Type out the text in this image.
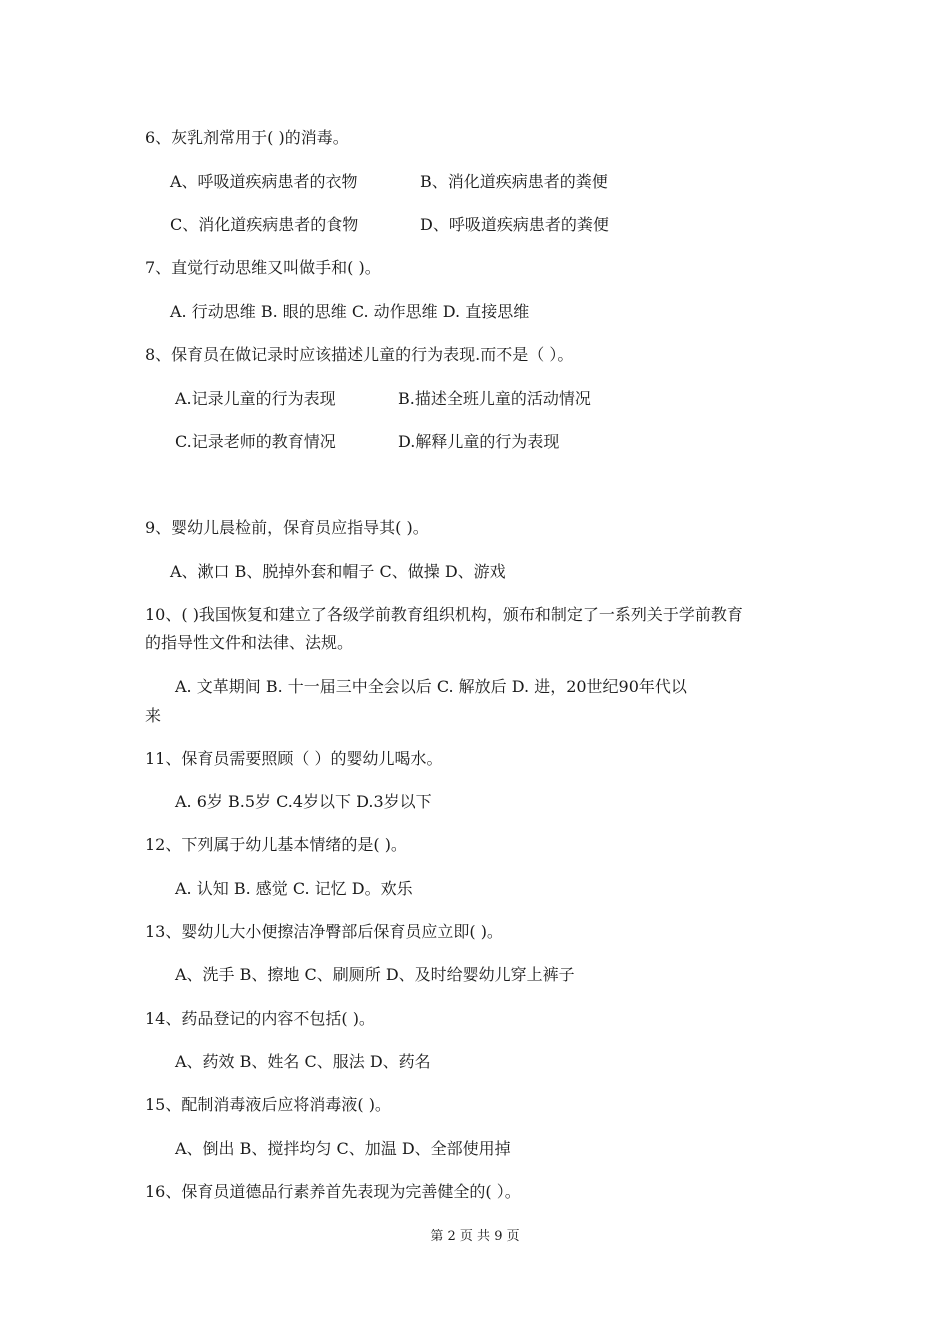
6、灰乳剂常用于( )的消毒。
A、呼吸道疾病患者的衣物	B、消化道疾病患者的粪便
C、消化道疾病患者的食物	D、呼吸道疾病患者的粪便
7、直觉行动思维又叫做手和( )。
A. 行动思维 B. 眼的思维 C. 动作思维 D. 直接思维
8、保育员在做记录时应该描述儿童的行为表现.而不是（ ）。
A.记录儿童的行为表现	B.描述全班儿童的活动情况
C.记录老师的教育情况	D.解释儿童的行为表现
9、婴幼儿晨检前，保育员应指导其( )。
A、漱口 B、脱掉外套和帽子 C、做操 D、游戏
10、( )我国恢复和建立了各级学前教育组织机构，颁布和制定了一系列关于学前教育
的指导性文件和法律、法规。
A. 文革期间 B. 十一届三中全会以后 C. 解放后 D. 进，20世纪90年代以
来
11、保育员需要照顾（ ）的婴幼儿喝水。
A. 6岁 B.5岁 C.4岁以下 D.3岁以下
12、下列属于幼儿基本情绪的是( )。
A. 认知 B. 感觉 C. 记忆 D。欢乐
13、婴幼儿大小便擦洁净臀部后保育员应立即( )。
A、洗手 B、擦地 C、刷厕所 D、及时给婴幼儿穿上裤子
14、药品登记的内容不包括( )。
A、药效 B、姓名 C、服法 D、药名
15、配制消毒液后应将消毒液( )。
A、倒出 B、搅拌均匀 C、加温 D、全部使用掉
16、保育员道德品行素养首先表现为完善健全的( ）。
第 2 页 共 9 页
